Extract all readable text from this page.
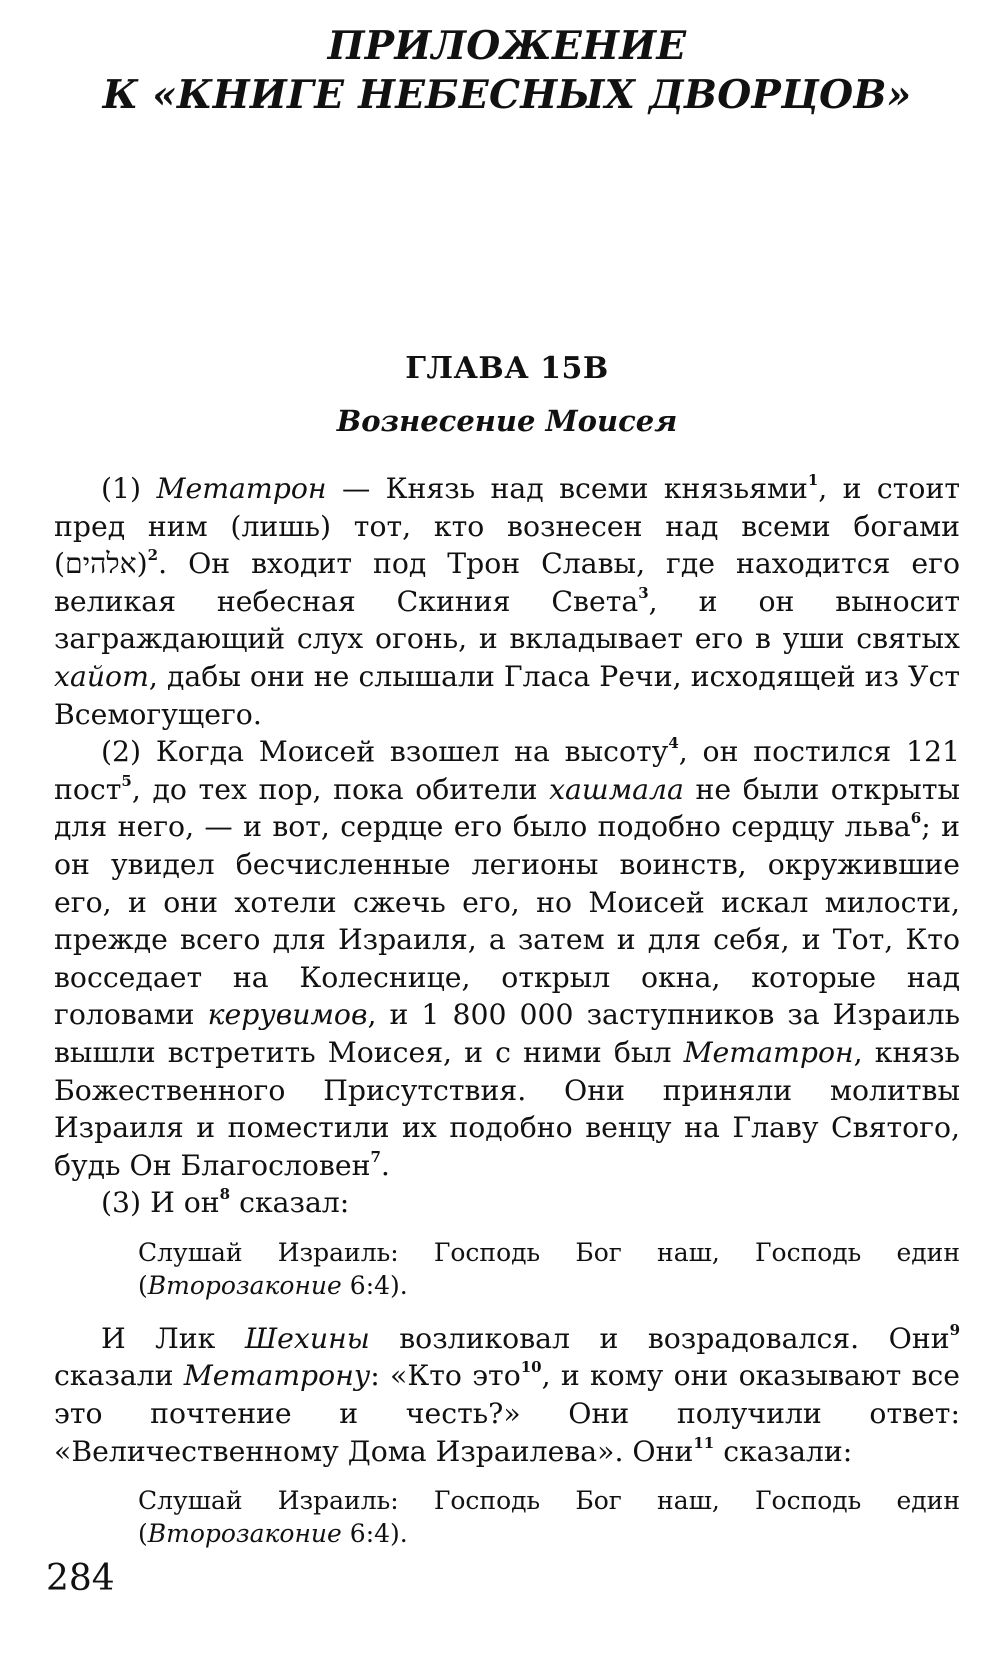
ПРИЛОЖЕНИЕ
К «КНИГЕ НЕБЕСНЫХ ДВОРЦОВ»
ГЛАВА 15В
Вознесение Моисея

(1) Метатрон — Князь над всеми князьями$^1$, и стоит пред ним (лишь) тот, кто вознесен над всеми богами (אלהים)$^2$. Он входит под Трон Славы, где находится его великая небесная Скиния Света$^3$, и он выносит заграждающий слух огонь, и вкладывает его в уши святых хайот, дабы они не слышали Гласа Речи, исходящей из Уст Всемогущего.

(2) Когда Моисей взошел на высоту$^4$, он постился 121 пост$^5$, до тех пор, пока обители хашмала не были открыты для него, — и вот, сердце его было подобно сердцу льва$^6$; и он увидел бесчисленные легионы воинств, окружившие его, и они хотели сжечь его, но Моисей искал милости, прежде всего для Израиля, а затем и для себя, и Тот, Кто восседает на Колеснице, открыл окна, которые над головами керувимов, и 1 800 000 заступников за Израиль вышли встретить Моисея, и с ними был Метатрон, князь Божественного Присутствия. Они приняли молитвы Израиля и поместили их подобно венцу на Главу Святого, будь Он Благословен$^7$.

(3) И $он^8$ сказал:

Слушай Израиль: Господь Бог наш, Господь един (Второзаконие 6:4).

И Лик Шехины возликовал и возрадовался. Они$^9$ сказали Метатрону: «Кто это$^{10}$, и кому они оказывают все это почтение и честь?» Они получили ответ: «Величественному Дома Израилева». Они$^{11}$ сказали:

Слушай Израиль: Господь Бог наш, Господь един (Второзаконие 6:4).
284
